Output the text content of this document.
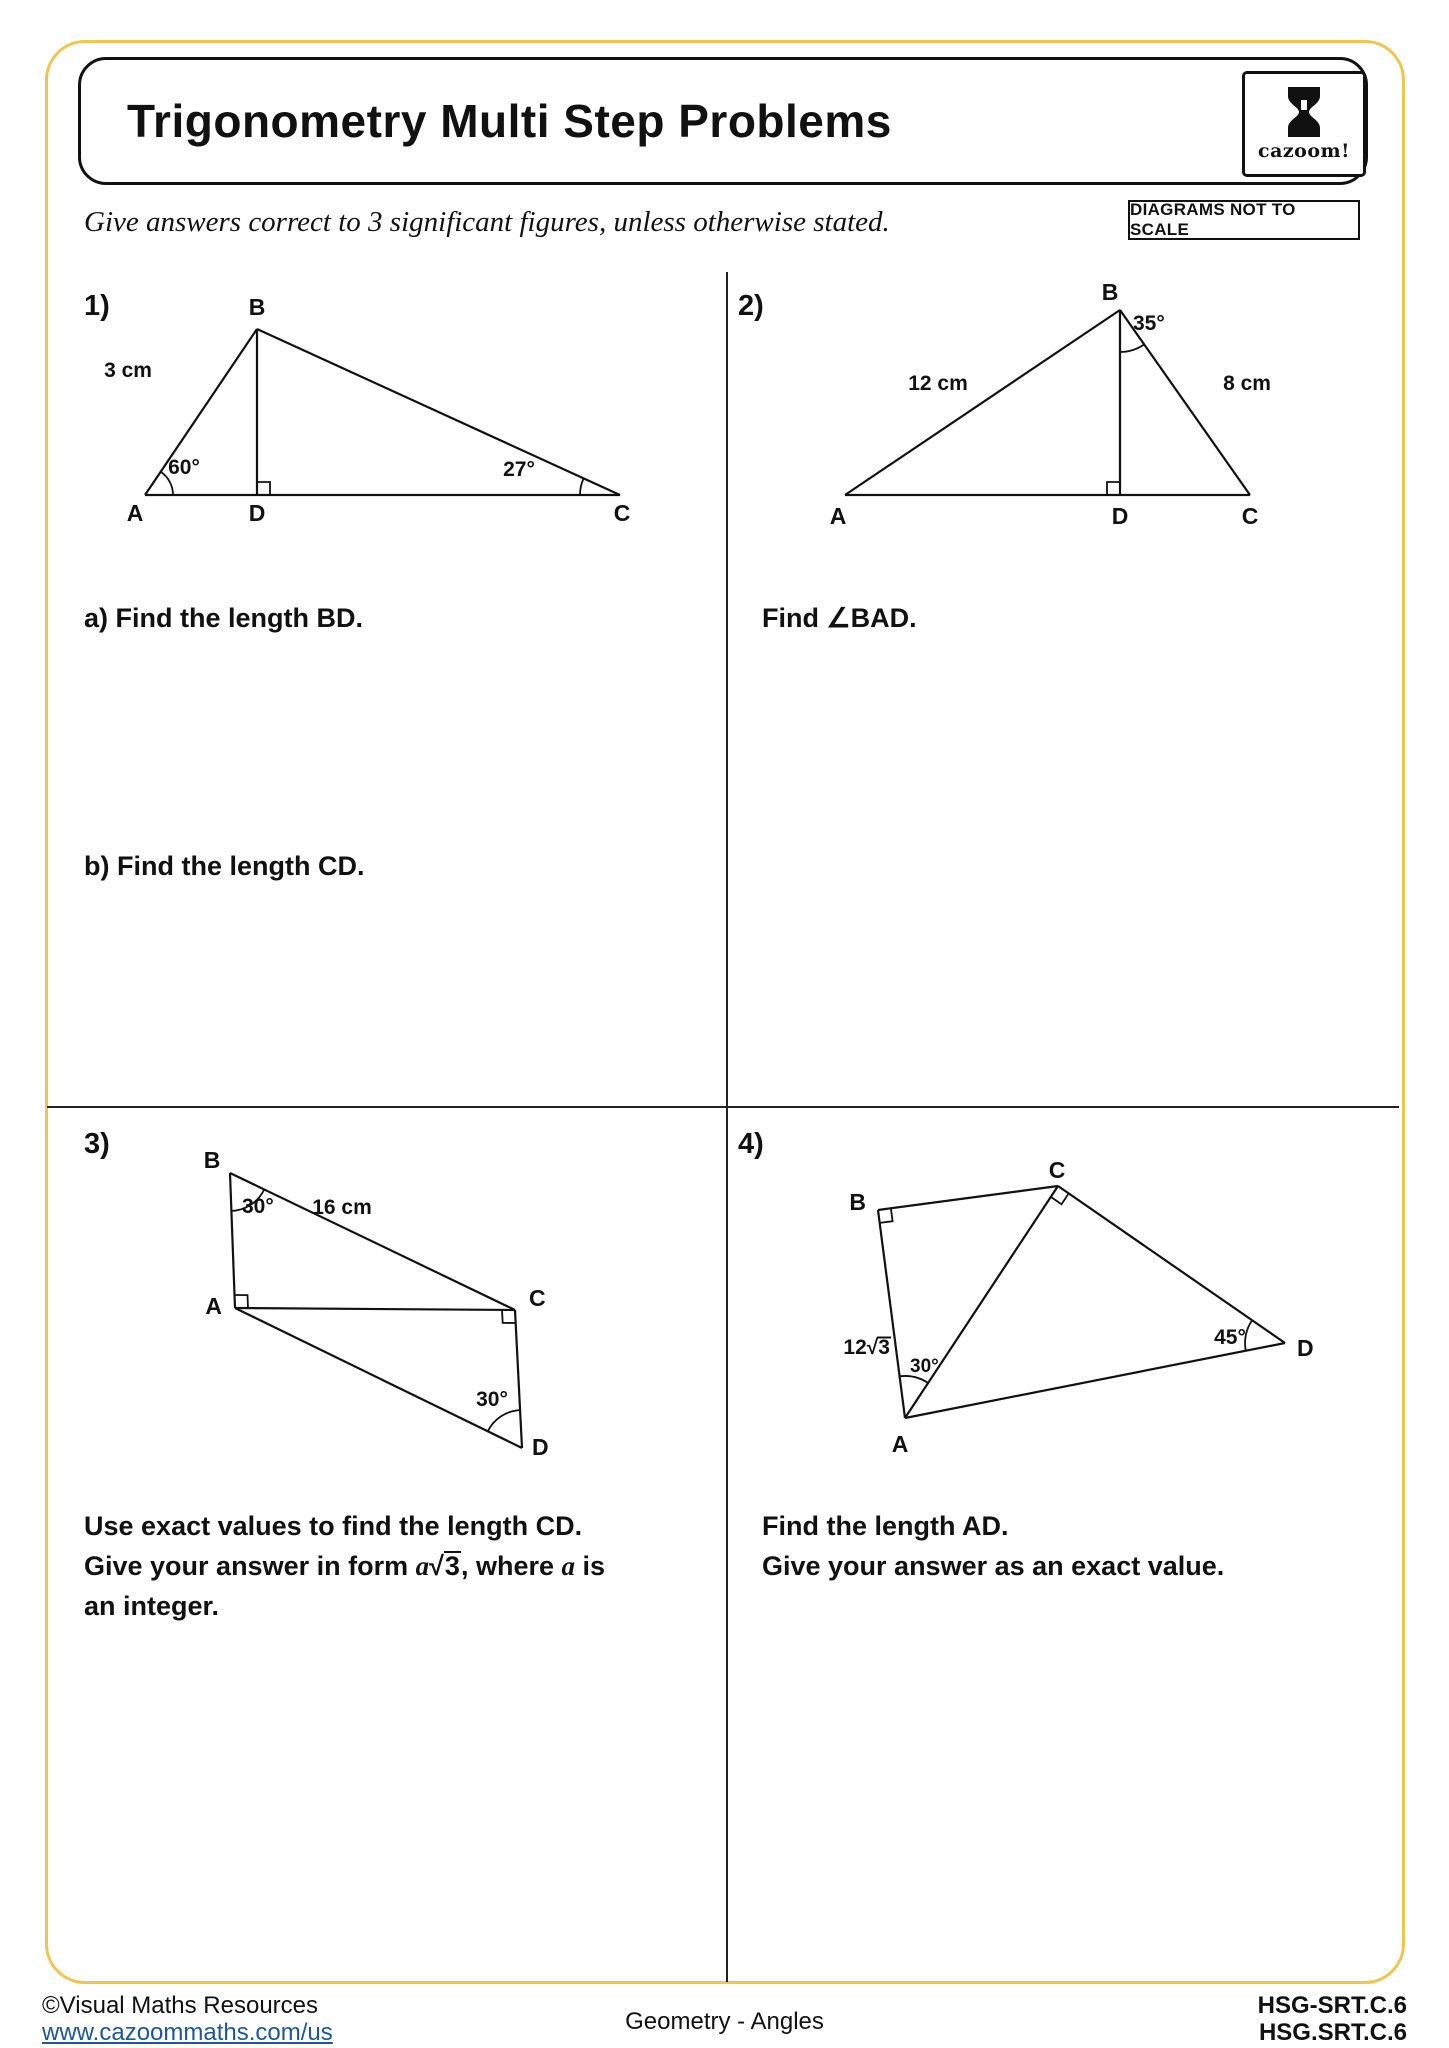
Trigonometry Multi Step Problems
cazoom!
DIAGRAMS NOT TO SCALE
Give answers correct to 3 significant figures, unless otherwise stated.
1)	2)
3)	4)
3 cm
60°	27°
A	D	C
B
35°
12 cm	8 cm
A	D	C
B
30° 16 cm
30°
B
A	C
D
12√3
30°
45°
A
B
C
D
a) Find the length BD.
b) Find the length CD.
Find ∠BAD.

Use exact values to find the length CD.

Give your answer in form a√3, where a is
an integer.

Find the length AD.

Give your answer as an exact value.

©Visual Maths Resources
www.cazoommaths.com/us	Geometry - Angles
HSG-SRT.C.6
HSG.SRT.C.6
